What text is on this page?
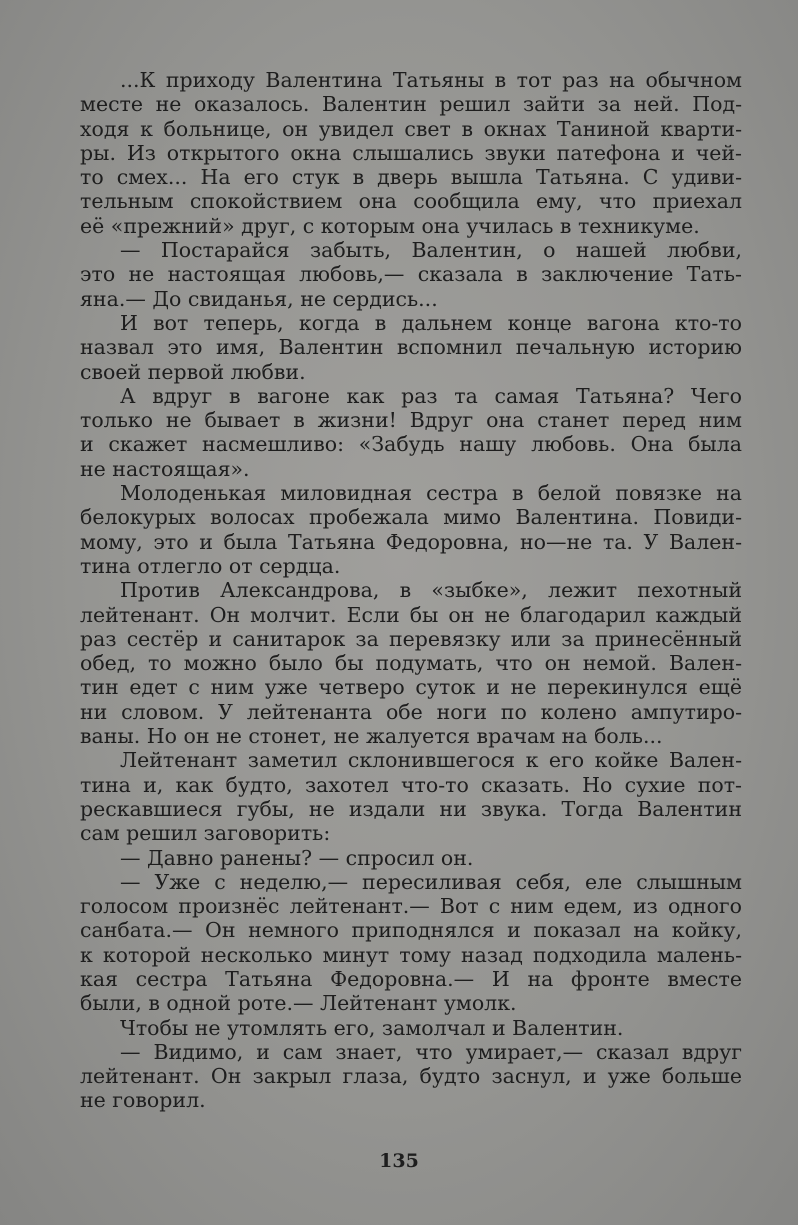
...К приходу Валентина Татьяны в тот раз на обычном
месте не оказалось. Валентин решил зайти за ней. Под-
ходя к больнице, он увидел свет в окнах Таниной кварти-
ры. Из открытого окна слышались звуки патефона и чей-
то смех... На его стук в дверь вышла Татьяна. С удиви-
тельным спокойствием она сообщила ему, что приехал
её «прежний» друг, с которым она училась в техникуме.
— Постарайся забыть, Валентин, о нашей любви,
это не настоящая любовь,— сказала в заключение Тать-
яна.— До свиданья, не сердись...
И вот теперь, когда в дальнем конце вагона кто-то
назвал это имя, Валентин вспомнил печальную историю
своей первой любви.
А вдруг в вагоне как раз та самая Татьяна? Чего
только не бывает в жизни! Вдруг она станет перед ним
и скажет насмешливо: «Забудь нашу любовь. Она была
не настоящая».
Молоденькая миловидная сестра в белой повязке на
белокурых волосах пробежала мимо Валентина. Повиди-
мому, это и была Татьяна Федоровна, но—не та. У Вален-
тина отлегло от сердца.
Против Александрова, в «зыбке», лежит пехотный
лейтенант. Он молчит. Если бы он не благодарил каждый
раз сестёр и санитарок за перевязку или за принесённый
обед, то можно было бы подумать, что он немой. Вален-
тин едет с ним уже четверо суток и не перекинулся ещё
ни словом. У лейтенанта обе ноги по колено ампутиро-
ваны. Но он не стонет, не жалуется врачам на боль...
Лейтенант заметил склонившегося к его койке Вален-
тина и, как будто, захотел что-то сказать. Но сухие пот-
рескавшиеся губы, не издали ни звука. Тогда Валентин
сам решил заговорить:
— Давно ранены? — спросил он.
— Уже с неделю,— пересиливая себя, еле слышным
голосом произнёс лейтенант.— Вот с ним едем, из одного
санбата.— Он немного приподнялся и показал на койку,
к которой несколько минут тому назад подходила малень-
кая сестра Татьяна Федоровна.— И на фронте вместе
были, в одной роте.— Лейтенант умолк.
Чтобы не утомлять его, замолчал и Валентин.
— Видимо, и сам знает, что умирает,— сказал вдруг
лейтенант. Он закрыл глаза, будто заснул, и уже больше
не говорил.
135
